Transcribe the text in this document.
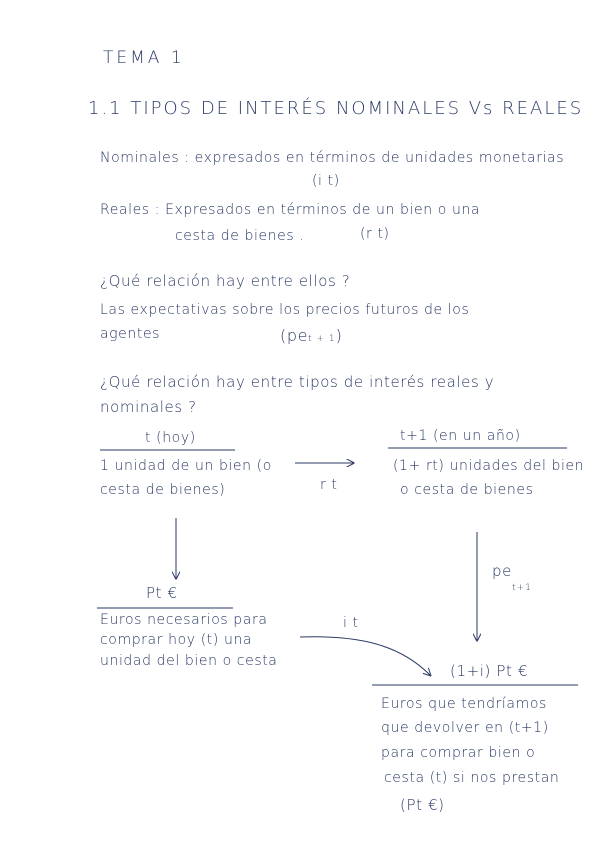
TEMA 1
1.1 TIPOS DE INTERÉS NOMINALES Vs REALES
Nominales : expresados en términos de unidades monetarias
(i t)
Reales : Expresados en términos de un bien o una
cesta de bienes .	(r t)
¿Qué relación hay entre ellos ?
Las expectativas sobre los precios futuros de los
agentes	(pet + 1)
¿Qué relación hay entre tipos de interés reales y
nominales ?
t (hoy)
1 unidad de un bien (o
cesta de bienes)
t+1 (en un año)
(1+ rt) unidades del bien
o cesta de bienes
r t
Pt €
Euros necesarios para
comprar hoy (t) una
unidad del bien o cesta
i t
pe
t+1
(1+i) Pt €
Euros que tendríamos
que devolver en (t+1)
para comprar bien o
cesta (t) si nos prestan
(Pt €)
